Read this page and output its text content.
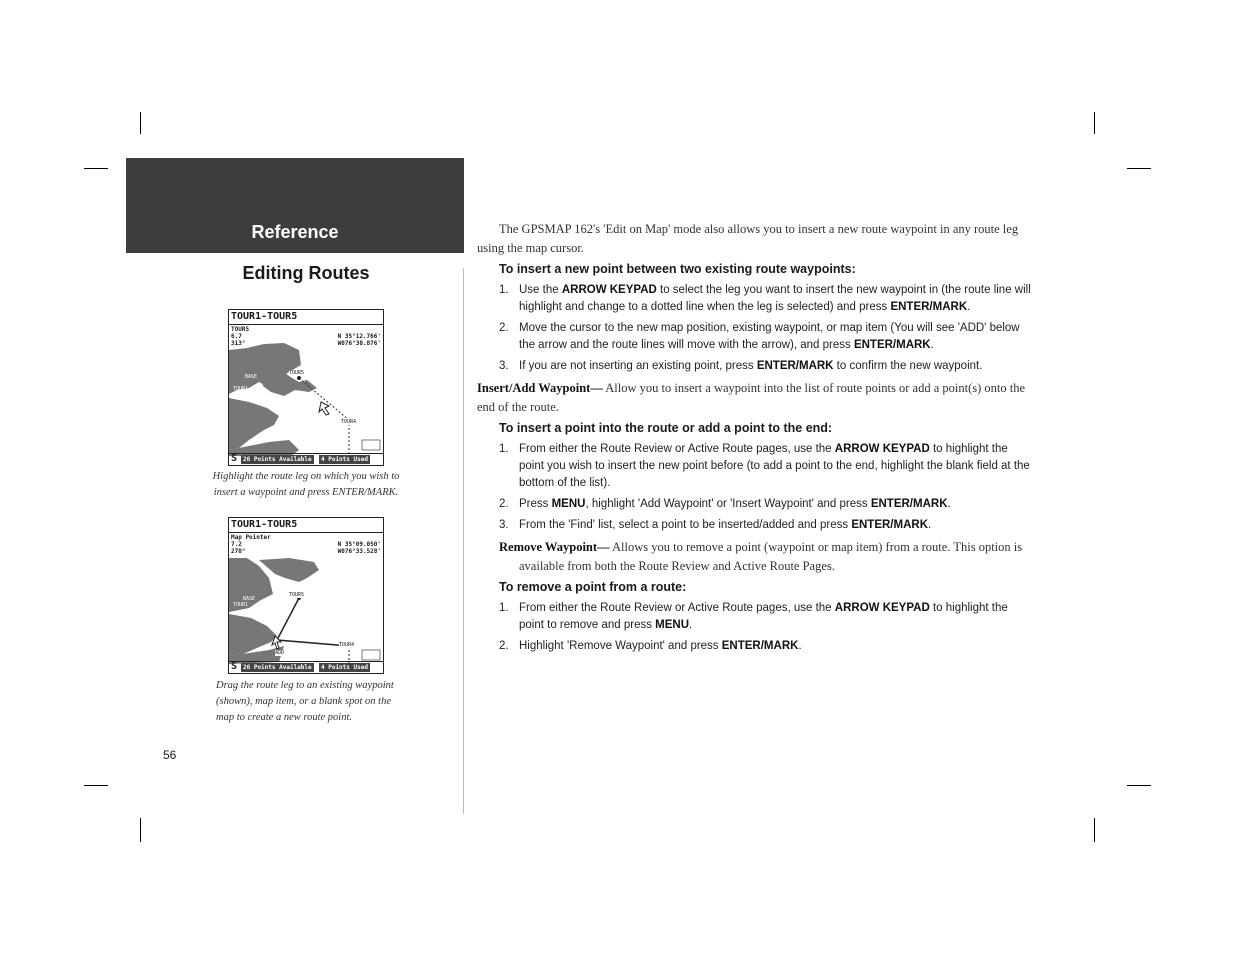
Reference
Editing Routes
TOUR1-TOUR5
TOUR5
6.7
313°
N 35°12.766'
W076°30.876'
TOUR5
TOUR4
TOUR1
BASE
S 26 Points Available	4 Points Used
Highlight the route leg on which you wish to insert a waypoint and press ENTER/MARK.
TOUR1-TOUR5
Map Pointer
7.2
270°
N 35°09.050'
W076°33.528'
TOUR5
TOUR4
TOUR1
BASE
ADD
S 26 Points Available	4 Points Used
Drag the route leg to an existing waypoint (shown), map item, or a blank spot on the map to create a new route point.
56

The GPSMAP 162's 'Edit on Map' mode also allows you to insert a new route waypoint in any route leg using the map cursor.

To insert a new point between two existing route waypoints:
1. Use the ARROW KEYPAD to select the leg you want to insert the new waypoint in (the route line will highlight and change to a dotted line when the leg is selected) and press ENTER/MARK.
2. Move the cursor to the new map position, existing waypoint, or map item (You will see 'ADD' below the arrow and the route lines will move with the arrow), and press ENTER/MARK.
3. If you are not inserting an existing point, press ENTER/MARK to confirm the new waypoint.

Insert/Add Waypoint— Allow you to insert a waypoint into the list of route points or add a point(s) onto the end of the route.

To insert a point into the route or add a point to the end:
1. From either the Route Review or Active Route pages, use the ARROW KEYPAD to highlight the point you wish to insert the new point before (to add a point to the end, highlight the blank field at the bottom of the list).
2. Press MENU, highlight 'Add Waypoint' or 'Insert Waypoint' and press ENTER/MARK.
3. From the 'Find' list, select a point to be inserted/added and press ENTER/MARK.

Remove Waypoint— Allows you to remove a point (waypoint or map item) from a route. This option is available from both the Route Review and Active Route Pages.

To remove a point from a route:
1. From either the Route Review or Active Route pages, use the ARROW KEYPAD to highlight the point to remove and press MENU.
2. Highlight 'Remove Waypoint' and press ENTER/MARK.
